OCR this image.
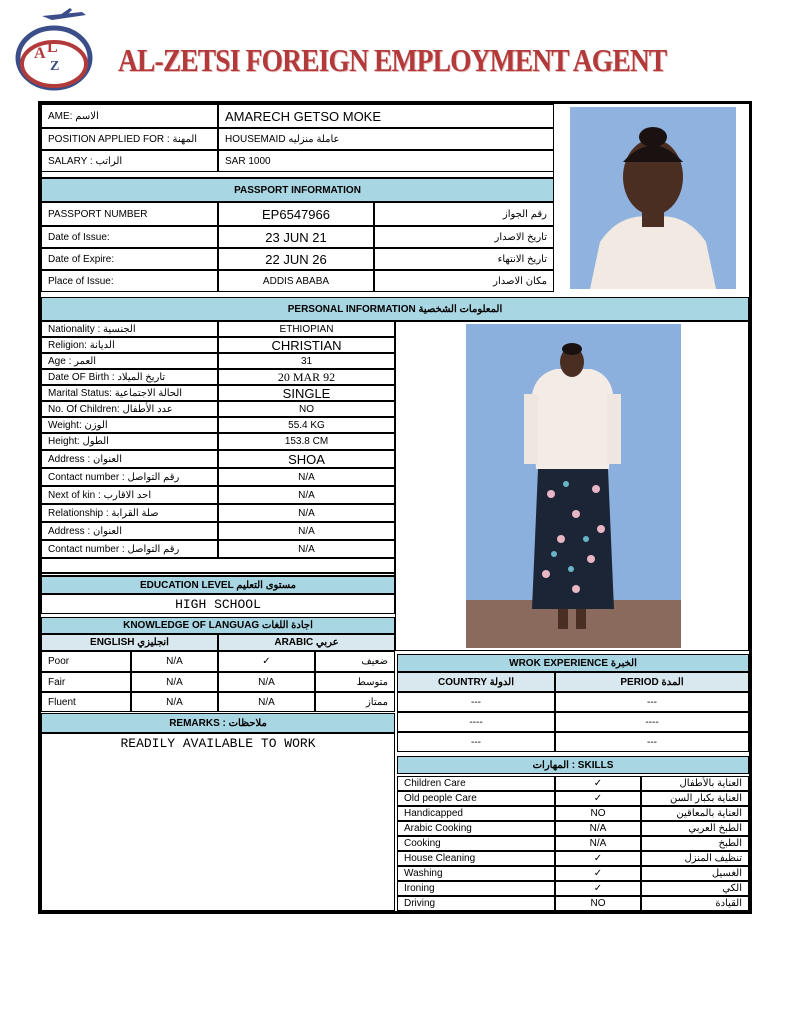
A L
Z AL-ZETSI FOREIGN EMPLOYMENT AGENT
AME: الاسم	AMARECH GETSO MOKE
POSITION APPLIED FOR : المهنة	HOUSEMAID عاملة منزليه
SALARY : الراتب	SAR 1000
PASSPORT INFORMATION
PASSPORT NUMBER	EP6547966	رقم الجواز
Date of Issue:	23 JUN 21	تاريخ الاصدار
Date of Expire:	22 JUN 26	تاريخ الانتهاء
Place of Issue:	ADDIS ABABA	مكان الاصدار
PERSONAL INFORMATION المعلومات الشخصية
Nationality : الجنسية	ETHIOPIAN
Religion: الديانة	CHRISTIAN
Age : العمر	31
Date OF Birth : تاريخ الميلاد	20 MAR 92
Marital Status: الحالة الاجتماعية	SINGLE
No. Of Children: عدد الأطفال	NO
Weight: الوزن	55.4 KG
Height: الطول	153.8 CM
Address : العنوان	SHOA
Contact number : رقم التواصل	N/A
Next of kin : احد الاقارب	N/A
Relationship : صلة القرابة	N/A
Address : العنوان	N/A
Contact number : رقم التواصل	N/A
EDUCATION LEVEL مستوى التعليم
HIGH SCHOOL
KNOWLEDGE OF LANGUAG اجادة اللغات
ENGLISH انجليزي	ARABIC عربي
Poor	N/A	✓	ضعيف
Fair	N/A	N/A	متوسط
Fluent	N/A	N/A	ممتاز
REMARKS : ملاحظات
READILY AVAILABLE TO WORK
WROK EXPERIENCE الخبرة
COUNTRY الدولة	PERIOD المدة
---	---
----	----
---	---
المهارات : SKILLS
Children Care	✓	العناية بالأطفال
Old people Care	✓	العناية بكبار السن
Handicapped	NO	العناية بالمعاقين
Arabic Cooking	N/A	الطبخ العربي
Cooking	N/A	الطبخ
House Cleaning	✓	تنظيف المنزل
Washing	✓	الغسيل
Ironing	✓	الكي
Driving	NO	القيادة
